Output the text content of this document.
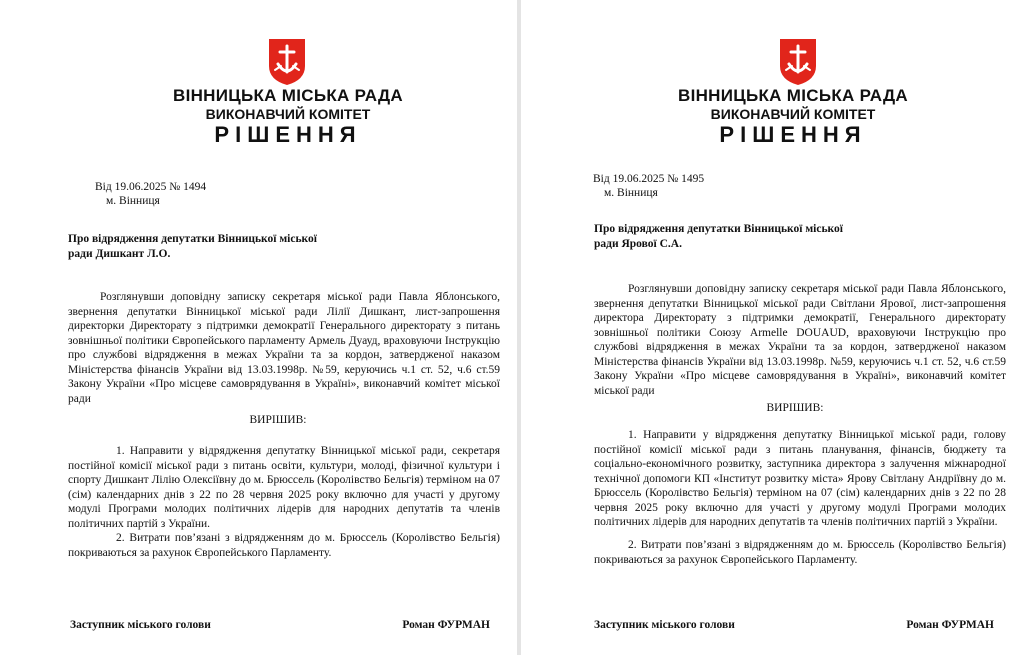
ВІННИЦЬКА МІСЬКА РАДА
ВИКОНАВЧИЙ КОМІТЕТ
РІШЕННЯ
Від 19.06.2025 № 1494
м. Вінниця
Про відрядження депутатки Вінницької міської ради Дишкант Л.О.
Розглянувши доповідну записку секретаря міської ради Павла Яблонського, звернення депутатки Вінницької міської ради Лілії Дишкант, лист-запрошення директорки Директорату з підтримки демократії Генерального директорату з питань зовнішньої політики Європейського парламенту Армель Дуауд, враховуючи Інструкцію про службові відрядження в межах України та за кордон, затвердженої наказом Міністерства фінансів України від 13.03.1998р. №59, керуючись ч.1 ст. 52, ч.6 ст.59 Закону України «Про місцеве самоврядування в Україні», виконавчий комітет міської ради
ВИРІШИВ:
1. Направити у відрядження депутатку Вінницької міської ради, секретаря постійної комісії міської ради з питань освіти, культури, молоді, фізичної культури і спорту Дишкант Лілію Олексіївну до м. Брюссель (Королівство Бельгія) терміном на 07 (сім) календарних днів з 22 по 28 червня 2025 року включно для участі у другому модулі Програми молодих політичних лідерів для народних депутатів та членів політичних партій з України.
2. Витрати пов’язані з відрядженням до м. Брюссель (Королівство Бельгія) покриваються за рахунок Європейського Парламенту.
Заступник міського голови	Роман ФУРМАН
ВІННИЦЬКА МІСЬКА РАДА
ВИКОНАВЧИЙ КОМІТЕТ
РІШЕННЯ
Від 19.06.2025 № 1495
м. Вінниця
Про відрядження депутатки Вінницької міської ради Ярової С.А.
Розглянувши доповідну записку секретаря міської ради Павла Яблонського, звернення депутатки Вінницької міської ради Світлани Ярової, лист-запрошення директора Директорату з підтримки демократії, Генерального директорату зовнішньої політики Союзу Armelle DOUAUD, враховуючи Інструкцію про службові відрядження в межах України та за кордон, затвердженої наказом Міністерства фінансів України від 13.03.1998р. №59, керуючись ч.1 ст. 52, ч.6 ст.59 Закону України «Про місцеве самоврядування в Україні», виконавчий комітет міської ради
ВИРІШИВ:
1. Направити у відрядження депутатку Вінницької міської ради, голову постійної комісії міської ради з питань планування, фінансів, бюджету та соціально-економічного розвитку, заступника директора з залучення міжнародної технічної допомоги КП «Інститут розвитку міста» Ярову Світлану Андріївну до м. Брюссель (Королівство Бельгія) терміном на 07 (сім) календарних днів з 22 по 28 червня 2025 року включно для участі у другому модулі Програми молодих політичних лідерів для народних депутатів та членів політичних партій з України.
2. Витрати пов’язані з відрядженням до м. Брюссель (Королівство Бельгія) покриваються за рахунок Європейського Парламенту.
Заступник міського голови	Роман ФУРМАН
